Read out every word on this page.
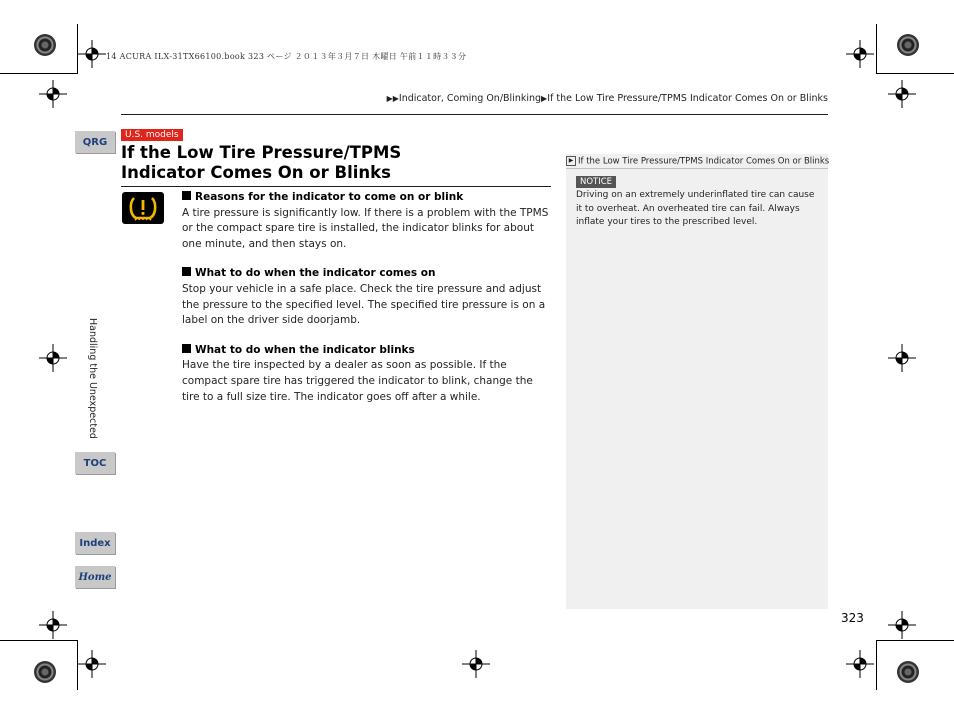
14 ACURA ILX-31TX66100.book 323 ページ ２０１３年３月７日 木曜日 午前１１時３３分
▶▶Indicator, Coming On/Blinking▶If the Low Tire Pressure/TPMS Indicator Comes On or Blinks
QRG
TOC
Index
Home
Handling the Unexpected
U.S. models
If the Low Tire Pressure/TPMS
Indicator Comes On or Blinks
Reasons for the indicator to come on or blink

A tire pressure is significantly low. If there is a problem with the TPMS or the compact spare tire is installed, the indicator blinks for about one minute, and then stays on.

What to do when the indicator comes on

Stop your vehicle in a safe place. Check the tire pressure and adjust the pressure to the specified level. The specified tire pressure is on a label on the driver side doorjamb.

What to do when the indicator blinks

Have the tire inspected by a dealer as soon as possible. If the compact spare tire has triggered the indicator to blink, change the tire to a full size tire. The indicator goes off after a while.

▶ If the Low Tire Pressure/TPMS Indicator Comes On or Blinks
NOTICE
Driving on an extremely underinflated tire can cause it to overheat. An overheated tire can fail. Always inflate your tires to the prescribed level.
323
